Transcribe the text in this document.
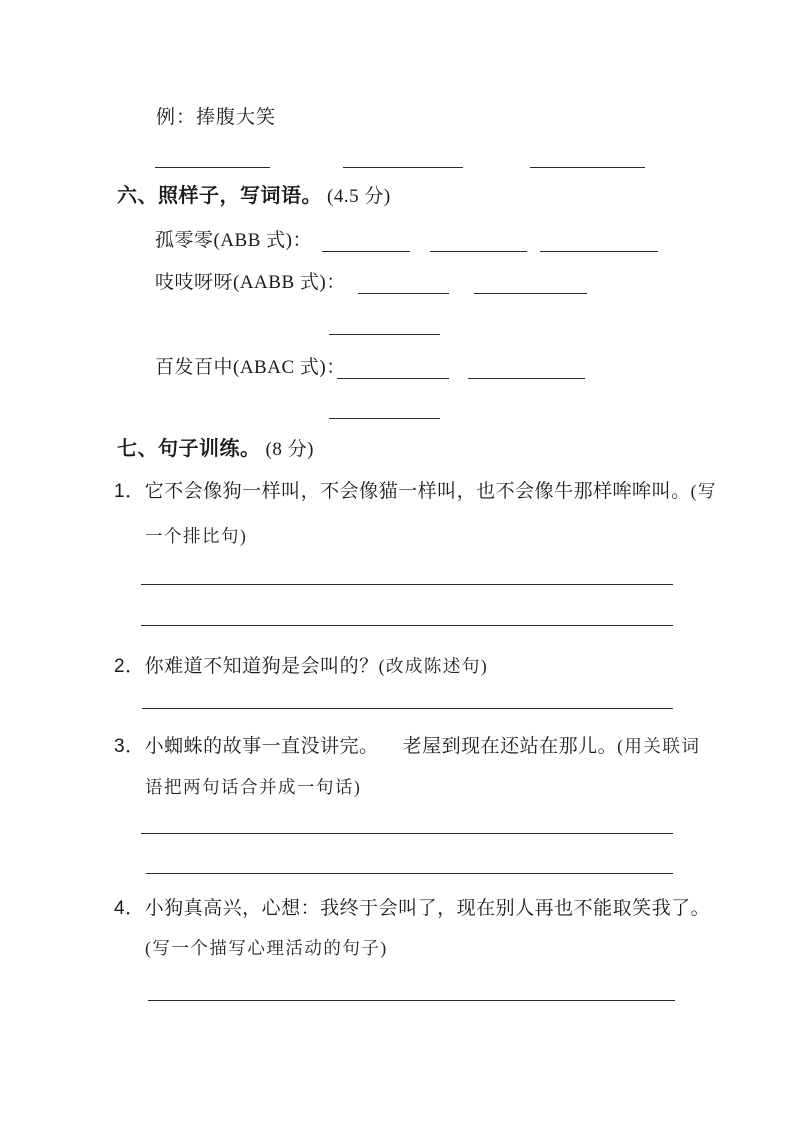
例：捧腹大笑
六、照样子，写词语。 (4.5 分)
孤零零(ABB 式)：
吱吱呀呀(AABB 式)：
百发百中(ABAC 式)：
七、句子训练。 (8 分)
1．它不会像狗一样叫，不会像猫一样叫，也不会像牛那样哞哞叫。(写
一个排比句)
2．你难道不知道狗是会叫的？(改成陈述句)
3．小蜘蛛的故事一直没讲完。 老屋到现在还站在那儿。(用关联词
语把两句话合并成一句话)
4．小狗真高兴，心想：我终于会叫了，现在别人再也不能取笑我了。
(写一个描写心理活动的句子)
